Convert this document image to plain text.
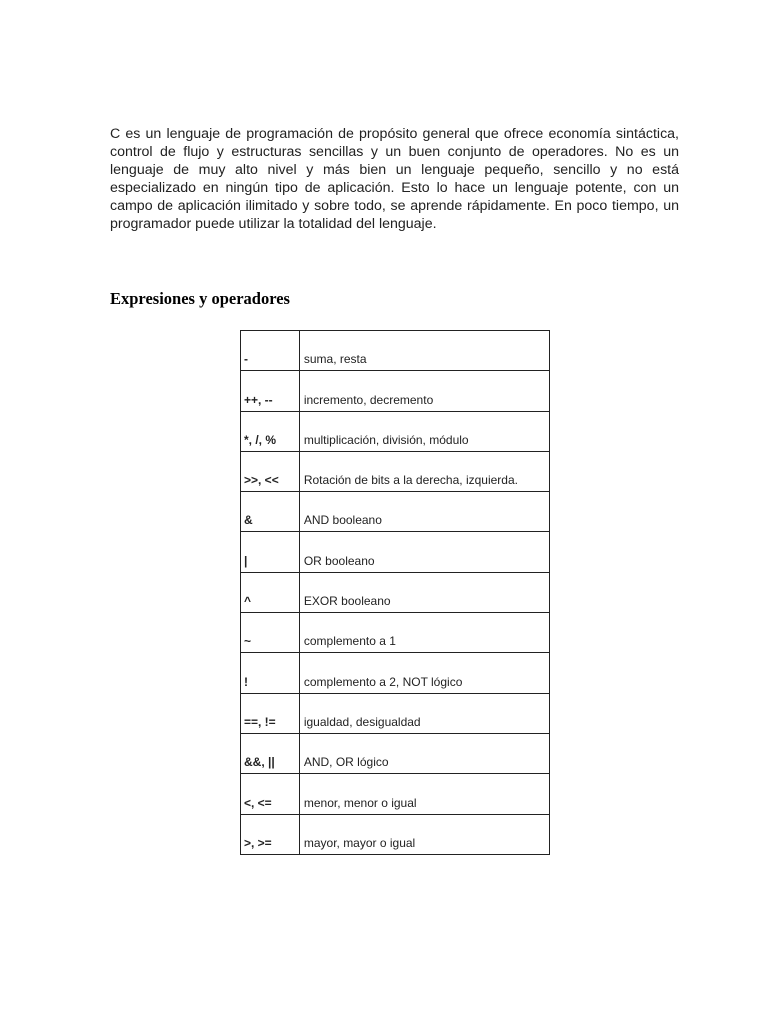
C es un lenguaje de programación de propósito general que ofrece economía sintáctica, control de flujo y estructuras sencillas y un buen conjunto de operadores. No es un lenguaje de muy alto nivel y más bien un lenguaje pequeño, sencillo y no está especializado en ningún tipo de aplicación. Esto lo hace un lenguaje potente, con un campo de aplicación ilimitado y sobre todo, se aprende rápidamente. En poco tiempo, un programador puede utilizar la totalidad del lenguaje.

Expresiones y operadores
-	suma, resta
++, --	incremento, decremento
*, /, %	multiplicación, división, módulo
>>, <<	Rotación de bits a la derecha, izquierda.
&	AND booleano
|	OR booleano
^	EXOR booleano
~	complemento a 1
!	complemento a 2, NOT lógico
==, !=	igualdad, desigualdad
&&, ||	AND, OR lógico
<, <=	menor, menor o igual
>, >=	mayor, mayor o igual
